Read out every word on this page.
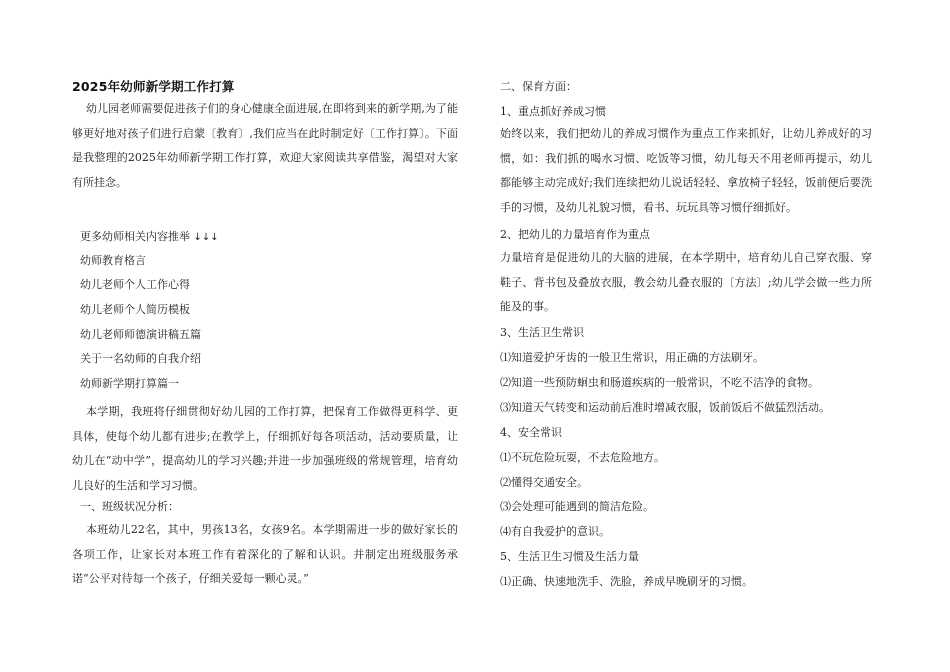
2025年幼师新学期工作打算

幼儿园老师需要促进孩子们的身心健康全面进展,在即将到来的新学期,为了能够更好地对孩子们进行启蒙〔教育〕,我们应当在此时制定好〔工作打算〕。下面是我整理的2025年幼师新学期工作打算，欢迎大家阅读共享借鉴，渴望对大家有所挂念。

更多幼师相关内容推举 ↓↓↓

幼师教育格言

幼儿老师个人工作心得

幼儿老师个人简历模板

幼儿老师师德演讲稿五篇

关于一名幼师的自我介绍

幼师新学期打算篇一

本学期，我班将仔细贯彻好幼儿园的工作打算，把保育工作做得更科学、更具体，使每个幼儿都有进步;在教学上，仔细抓好每各项活动，活动要质量，让幼儿在“动中学”，提高幼儿的学习兴趣;并进一步加强班级的常规管理，培育幼儿良好的生活和学习习惯。

一、班级状况分析：

本班幼儿22名，其中，男孩13名，女孩9名。本学期需进一步的做好家长的各项工作，让家长对本班工作有着深化的了解和认识。并制定出班级服务承诺“公平对待每一个孩子，仔细关爱每一颗心灵。”

二、保育方面：

1、重点抓好养成习惯

始终以来，我们把幼儿的养成习惯作为重点工作来抓好，让幼儿养成好的习惯，如：我们抓的喝水习惯、吃饭等习惯，幼儿每天不用老师再提示，幼儿都能够主动完成好;我们连续把幼儿说话轻轻、拿放椅子轻轻，饭前便后要洗手的习惯，及幼儿礼貌习惯，看书、玩玩具等习惯仔细抓好。

2、把幼儿的力量培育作为重点

力量培育是促进幼儿的大脑的进展，在本学期中，培育幼儿自己穿衣服、穿鞋子、背书包及叠放衣服，教会幼儿叠衣服的〔方法〕;幼儿学会做一些力所能及的事。

3、生活卫生常识

⑴知道爱护牙齿的一般卫生常识，用正确的方法刷牙。

⑵知道一些预防蛔虫和肠道疾病的一般常识，不吃不洁净的食物。

⑶知道天气转变和运动前后准时增减衣服，饭前饭后不做猛烈活动。

4、安全常识

⑴不玩危险玩耍，不去危险地方。

⑵懂得交通安全。

⑶会处理可能遇到的简洁危险。

⑷有自我爱护的意识。

5、生活卫生习惯及生活力量

⑴正确、快速地洗手、洗脸，养成早晚刷牙的习惯。
